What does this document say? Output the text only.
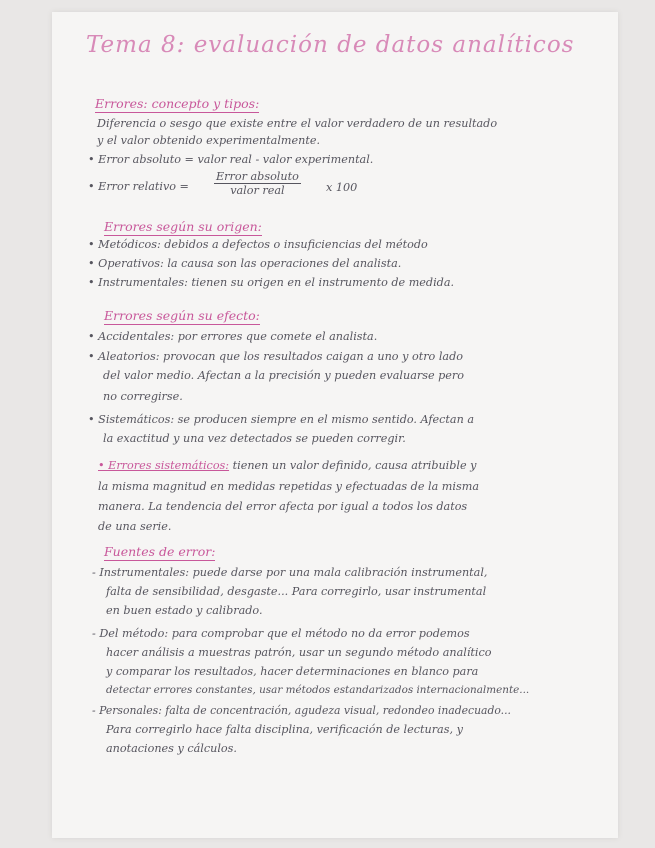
Tema 8: evaluación de datos analíticos
Errores: concepto y tipos:
Diferencia o sesgo que existe entre el valor verdadero de un resultado
y el valor obtenido experimentalmente.
• Error absoluto = valor real - valor experimental.
• Error relativo =
Error absoluto
valor real	x 100
Errores según su origen:
• Metódicos: debidos a defectos o insuficiencias del método
• Operativos: la causa son las operaciones del analista.
• Instrumentales: tienen su origen en el instrumento de medida.
Errores según su efecto:
• Accidentales: por errores que comete el analista.
• Aleatorios: provocan que los resultados caigan a uno y otro lado
del valor medio. Afectan a la precisión y pueden evaluarse pero
no corregirse.
• Sistemáticos: se producen siempre en el mismo sentido. Afectan a
la exactitud y una vez detectados se pueden corregir.
• Errores sistemáticos: tienen un valor definido, causa atribuible y
la misma magnitud en medidas repetidas y efectuadas de la misma
manera. La tendencia del error afecta por igual a todos los datos
de una serie.
Fuentes de error:
- Instrumentales: puede darse por una mala calibración instrumental,
falta de sensibilidad, desgaste... Para corregirlo, usar instrumental
en buen estado y calibrado.
- Del método: para comprobar que el método no da error podemos
hacer análisis a muestras patrón, usar un segundo método analítico
y comparar los resultados, hacer determinaciones en blanco para
detectar errores constantes, usar métodos estandarizados internacionalmente...
- Personales: falta de concentración, agudeza visual, redondeo inadecuado...
Para corregirlo hace falta disciplina, verificación de lecturas, y
anotaciones y cálculos.
